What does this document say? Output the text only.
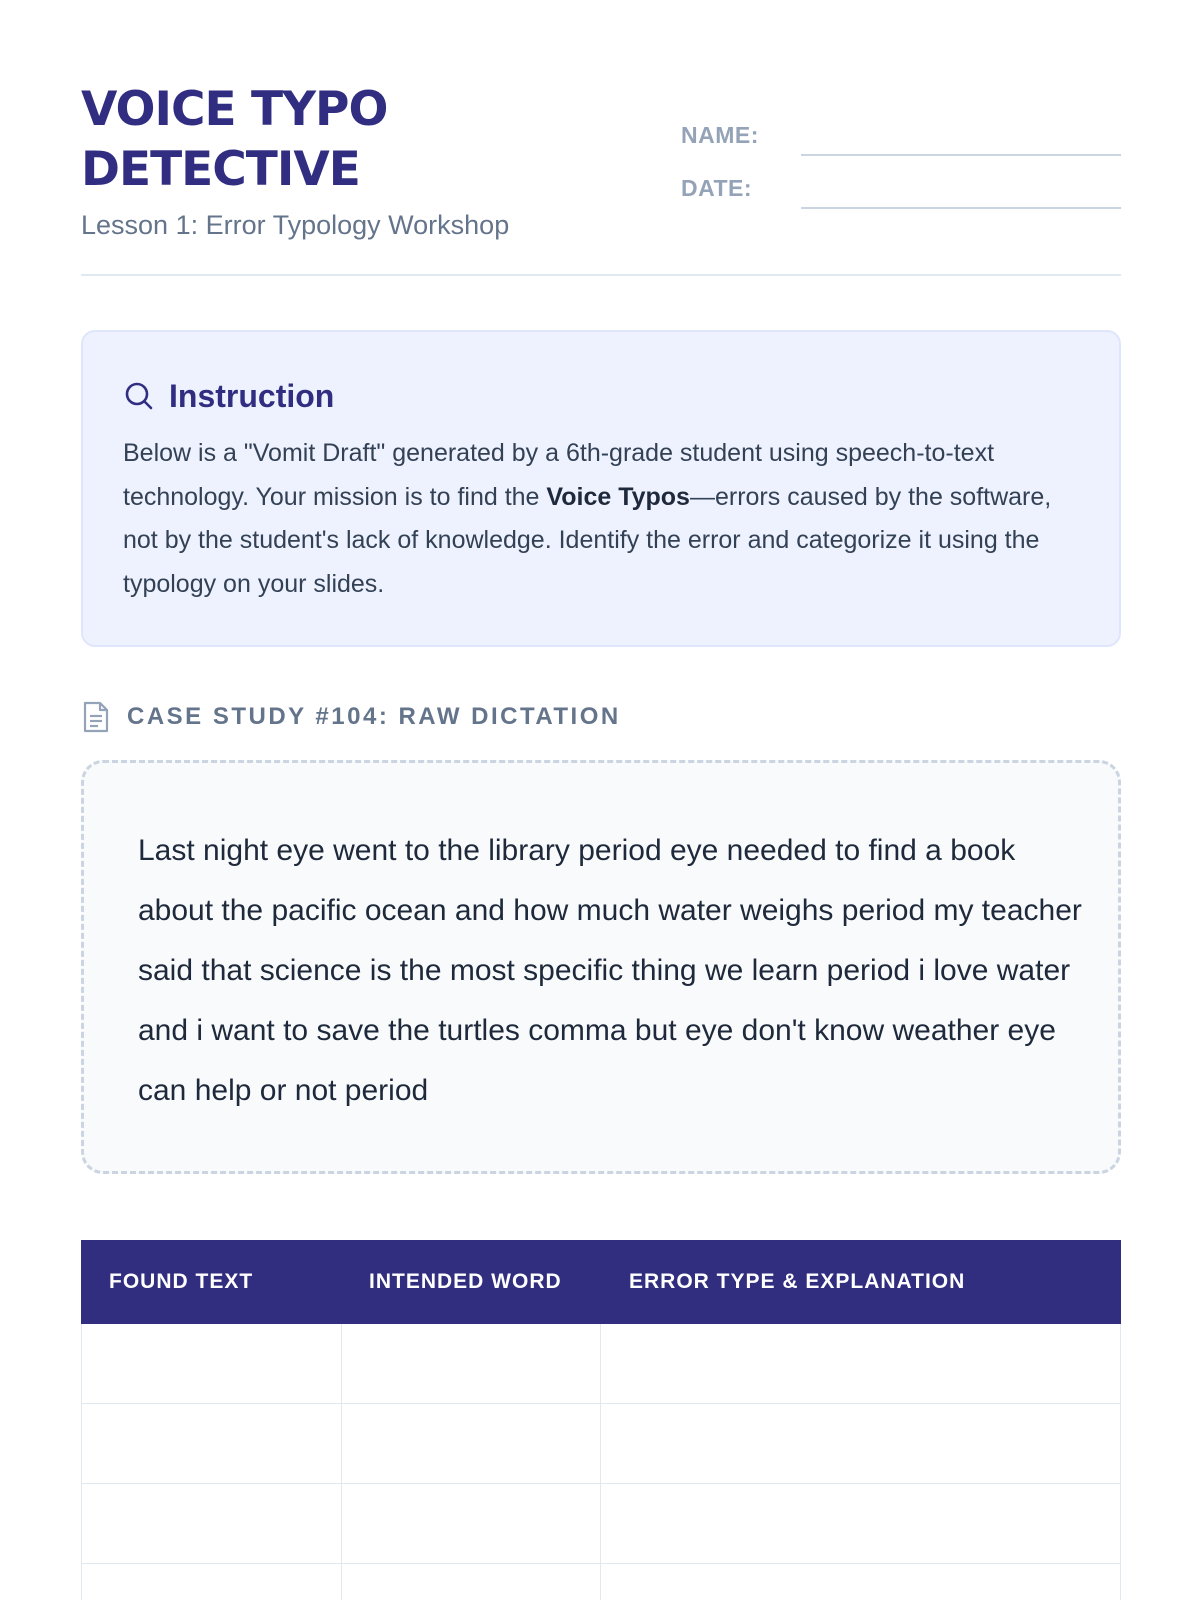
VOICE TYPO
DETECTIVE
Lesson 1: Error Typology Workshop
NAME:
DATE:
Instruction
Below is a "Vomit Draft" generated by a 6th-grade student using speech-to-text technology. Your mission is to find the Voice Typos—errors caused by the software, not by the student's lack of knowledge. Identify the error and categorize it using the typology on your slides.
CASE STUDY #104: RAW DICTATION
Last night eye went to the library period eye needed to find a book about the pacific ocean and how much water weighs period my teacher said that science is the most specific thing we learn period i love water and i want to save the turtles comma but eye don't know weather eye can help or not period
FOUND TEXT	INTENDED WORD	ERROR TYPE & EXPLANATION
